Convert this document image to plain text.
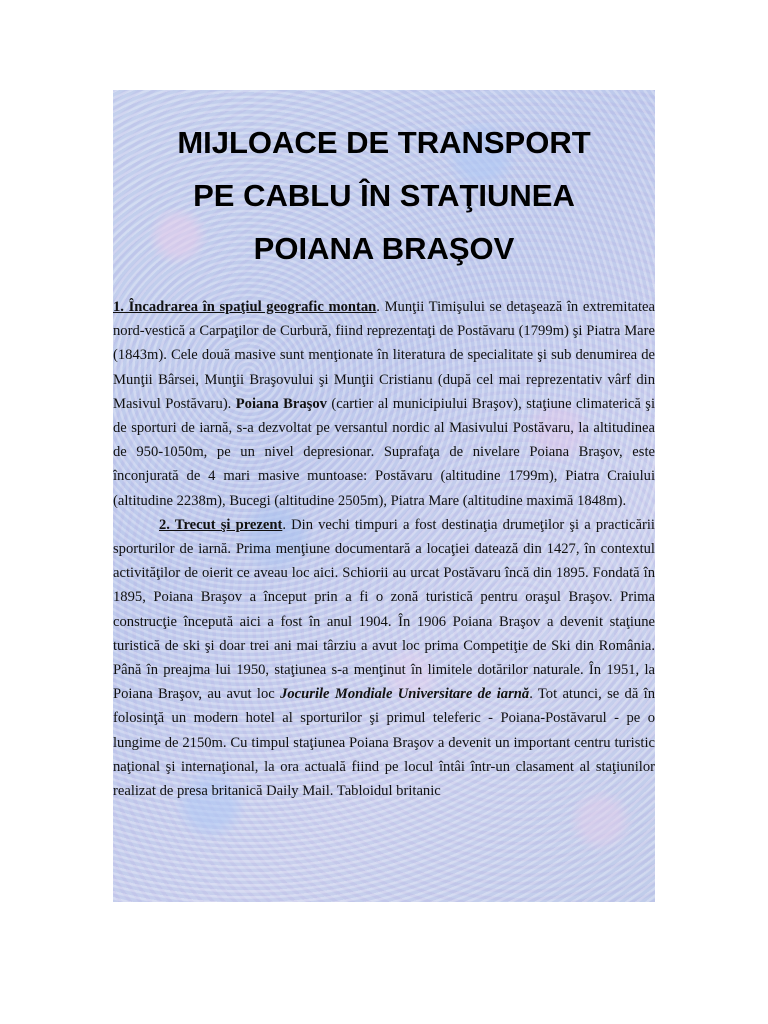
MIJLOACE DE TRANSPORT
PE CABLU ÎN STAŢIUNEA
POIANA BRAŞOV

1. Încadrarea în spaţiul geografic montan. Munţii Timişului se detaşează în extremitatea nord-vestică a Carpaţilor de Curbură, fiind reprezentaţi de Postăvaru (1799m) şi Piatra Mare (1843m). Cele două masive sunt menţionate în literatura de specialitate şi sub denumirea de Munţii Bârsei, Munţii Braşovului şi Munţii Cristianu (după cel mai reprezentativ vârf din Masivul Postăvaru). Poiana Braşov (cartier al municipiului Braşov), staţiune climaterică şi de sporturi de iarnă, s-a dezvoltat pe versantul nordic al Masivului Postăvaru, la altitudinea de 950-1050m, pe un nivel depresionar. Suprafaţa de nivelare Poiana Braşov, este înconjurată de 4 mari masive muntoase: Postăvaru (altitudine 1799m), Piatra Craiului (altitudine 2238m), Bucegi (altitudine 2505m), Piatra Mare (altitudine maximă 1848m).

2. Trecut şi prezent. Din vechi timpuri a fost destinaţia drumeţilor şi a practicării sporturilor de iarnă. Prima menţiune documentară a locaţiei datează din 1427, în contextul activităţilor de oierit ce aveau loc aici. Schiorii au urcat Postăvaru încă din 1895. Fondată în 1895, Poiana Braşov a început prin a fi o zonă turistică pentru oraşul Braşov. Prima construcţie începută aici a fost în anul 1904. În 1906 Poiana Braşov a devenit staţiune turistică de ski şi doar trei ani mai târziu a avut loc prima Competiţie de Ski din România. Până în preajma lui 1950, staţiunea s-a menţinut în limitele dotărilor naturale. În 1951, la Poiana Braşov, au avut loc Jocurile Mondiale Universitare de iarnă. Tot atunci, se dă în folosinţă un modern hotel al sporturilor şi primul teleferic - Poiana-Postăvarul - pe o lungime de 2150m. Cu timpul staţiunea Poiana Braşov a devenit un important centru turistic naţional şi internaţional, la ora actuală fiind pe locul întâi într-un clasament al staţiunilor realizat de presa britanică Daily Mail. Tabloidul britanic
